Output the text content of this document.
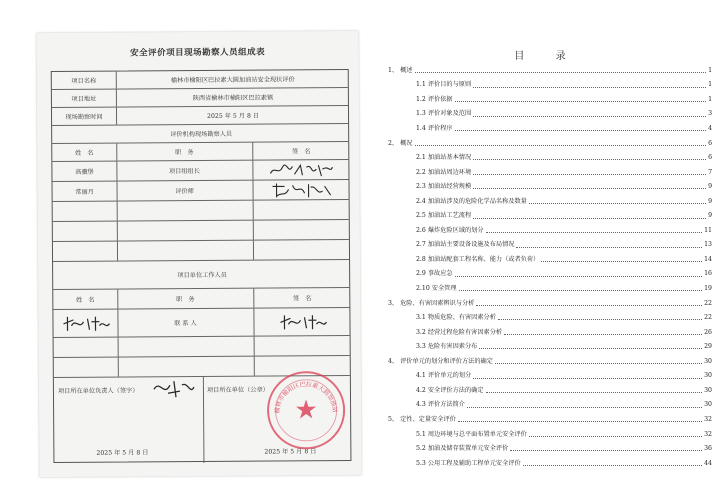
安全评价项目现场勘察人员组成表
项目名称	榆林市榆阳区巴拉素大圆加油站安全现状评价
项目地址	陕西省榆林市榆阳区巴拉素镇
现场勘察时间	2025 年 5 月 8 日
评价机构现场勘察人员
姓　名	职　务	签　名
高骥堡	项目组组长
常丽月	评价师
项目单位工作人员
姓　名	职　务	签　名
联 系 人
项目所在单位负责人（签字）	项目所在单位（公章）
2025 年 5 月 8 日	2025 年 5 月 8 日
★
榆林市榆阳区巴拉素大圆加油站
目 录
1、 概述	1
1.1 评价目的与原则	1
1.2 评价依据	1
1.3 评价对象及范围	3
1.4 评价程序	4
2、 概况	6
2.1 加油站基本情况	6
2.2 加油站周边环境	7
2.3 加油站经营规模	9
2.4 加油站涉及的危险化学品名称及数量	9
2.5 加油站工艺流程	9
2.6 爆炸危险区域的划分	11
2.7 加油站主要设备设施及布局情况	13
2.8 加油站配套工程名称、能力（或者负荷）	14
2.9 事故应急	16
2.10 安全管理	19
3、 危险、有害因素辨识与分析	22
3.1 物质危险、有害因素分析	22
3.2 经营过程危险有害因素分析	26
3.3 危险有害因素分布	29
4、 评价单元的划分和评价方法的确定	30
4.1 评价单元的划分	30
4.2 安全评价方法的确定	30
4.3 评价方法简介	30
5、 定性、定量安全评价	32
5.1 周边环境与总平面布置单元安全评价	32
5.2 加油及储存装置单元安全评价	36
5.3 公用工程及辅助工程单元安全评价	44
